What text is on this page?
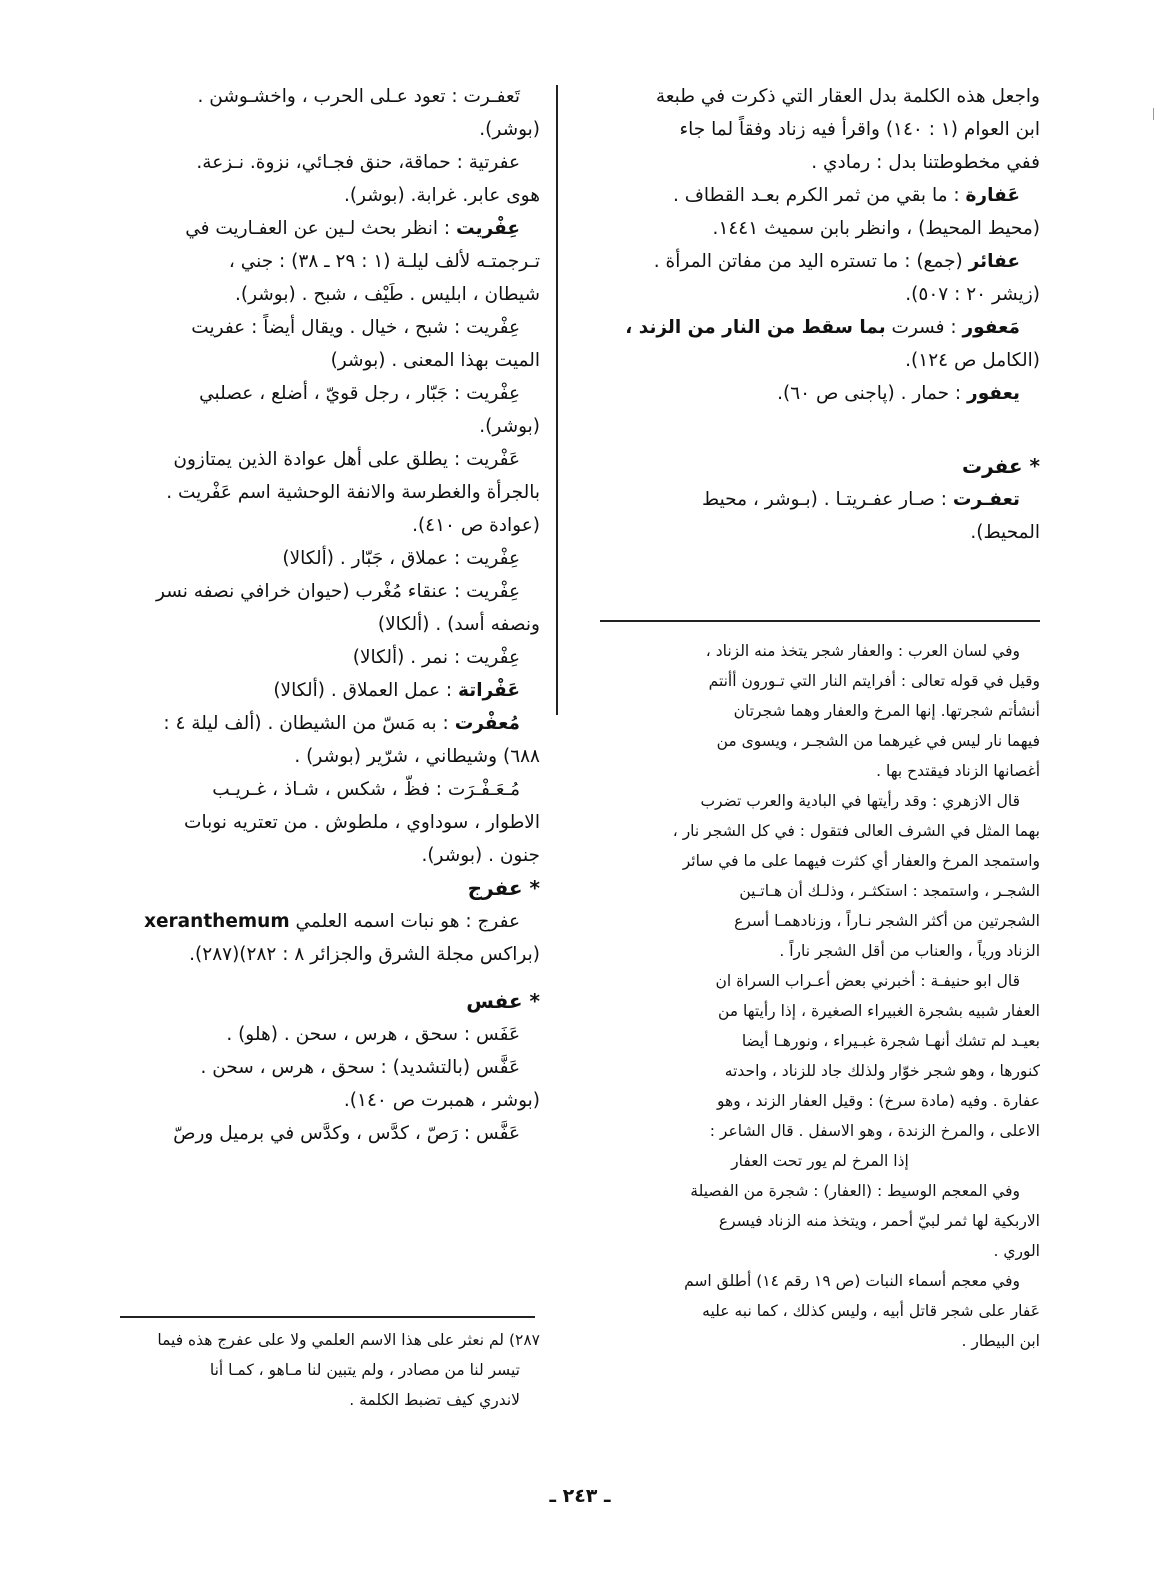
واجعل هذه الكلمة بدل العقار التي ذكرت في طبعة

ابن العوام (١ : ١٤٠) واقرأ فيه زناد وفقاً لما جاء

ففي مخطوطتنا بدل : رمادي .

عَفارة : ما بقي من ثمر الكرم بعـد القطاف .

(محيط المحيط) ، وانظر بابن سميث ١٤٤١.

عفائر (جمع) : ما تستره اليد من مفاتن المرأة .

(زيشر ٢٠ : ٥٠٧).

مَعفور : فسرت بما سقط من النار من الزند ،

(الكامل ص ١٢٤).

يعفور : حمار . (پاجنى ص ٦٠).

* عفرت

تعفـرت : صـار عفـريتـا . (بـوشر ، محيط

المحيط).

وفي لسان العرب : والعفار شجر يتخذ منه الزناد ،

وقيل في قوله تعالى : أفرايتم النار التي تـورون أأنتم

أنشأتم شجرتها. إنها المرخ والعفار وهما شجرتان

فيهما نار ليس في غيرهما من الشجـر ، ويسوى من

أغصانها الزناد فيقتدح بها .

قال الازهري : وقد رأيتها في البادية والعرب تضرب

بهما المثل في الشرف العالى فتقول : في كل الشجر نار ،

واستمجد المرخ والعفار أي كثرت فيهما على ما في سائر

الشجـر ، واستمجد : استكثـر ، وذلـك أن هـاتـين

الشجرتين من أكثر الشجر نـاراً ، وزنادهمـا أسرع

الزناد ورياً ، والعناب من أقل الشجر ناراً .

قال ابو حنيفـة : أخبرني بعض أعـراب السراة ان

العفار شبيه بشجرة الغبيراء الصغيرة ، إذا رأيتها من

بعيـد لم تشك أنهـا شجرة غبـيراء ، ونورهـا أيضا

كنورها ، وهو شجر خوّار ولذلك جاد للزناد ، واحدته

عفارة . وفيه (مادة سرخ) : وقيل العفار الزند ، وهو

الاعلى ، والمرخ الزندة ، وهو الاسفل . قال الشاعر :

إذا المرخ لم يور تحت العفار

وفي المعجم الوسيط : (العفار) : شجرة من الفصيلة

الاربكية لها ثمر لبيّ أحمر ، ويتخذ منه الزناد فيسرع

الوري .

وفي معجم أسماء النبات (ص ١٩ رقم ١٤) أطلق اسم

عَفار على شجر قاتل أبيه ، وليس كذلك ، كما نبه عليه

ابن البيطار .

تَعفـرت : تعود عـلى الحرب ، واخشـوشن .

(بوشر).

عفرتية : حماقة، حنق فجـائي، نزوة. نـزعة.

هوى عابر. غرابة. (بوشر).

عِفْريت : انظر بحث لـين عن العفـاريت في

تـرجمتـه لألف ليلـة (١ : ٢٩ ـ ٣٨) : جني ،

شيطان ، ابليس . طَيْف ، شبح . (بوشر).

عِفْريت : شبح ، خيال . ويقال أيضاً : عفريت

الميت بهذا المعنى . (بوشر)

عِفْريت : جَبّار ، رجل قويّ ، أضلع ، عصلبي

(بوشر).

عَفْريت : يطلق على أهل عوادة الذين يمتازون

بالجرأة والغطرسة والانفة الوحشية اسم عَفْريت .

(عوادة ص ٤١٠).

عِفْريت : عملاق ، جَبّار . (ألكالا)

عِفْريت : عنقاء مُغْرب (حيوان خرافي نصفه نسر

ونصفه أسد) . (ألكالا)

عِفْريت : نمر . (ألكالا)

عَفْراتة : عمل العملاق . (ألكالا)

مُعفْرت : به مَسّ من الشيطان . (ألف ليلة ٤ :

٦٨٨) وشيطاني ، شرّير (بوشر) .

مُـعَـفْـرَت : فظّ ، شكس ، شـاذ ، غـريـب

الاطوار ، سوداوي ، ملطوش . من تعتريه نوبات

جنون . (بوشر).

* عفرج

عفرج : هو نبات اسمه العلمي xeranthemum

(براكس مجلة الشرق والجزائر ٨ : ٢٨٢)(٢٨٧).

* عفس

عَفَس : سحق ، هرس ، سحن . (هلو) .

عَفَّس (بالتشديد) : سحق ، هرس ، سحن .

(بوشر ، همبرت ص ١٤٠).

عَفَّس : رَصّ ، كدَّس ، وكدَّس في برميل ورصّ

٢٨٧) لم نعثر على هذا الاسم العلمي ولا على عفرج هذه فيما

تيسر لنا من مصادر ، ولم يتبين لنا مـاهو ، كمـا أنا

لاندري كيف تضبط الكلمة .

ـ ٢٤٣ ـ
